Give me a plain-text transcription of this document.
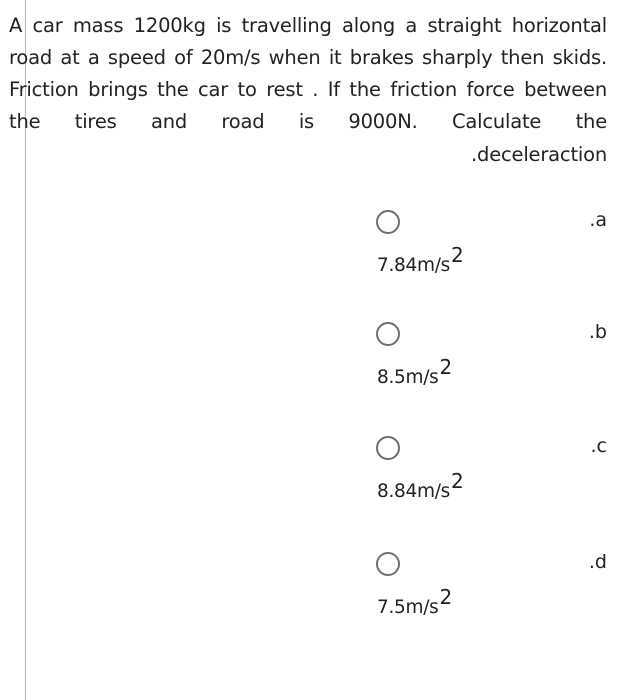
A car mass 1200kg is travelling along a straight horizontal road at a speed of 20m/s when it brakes sharply then skids. Friction brings the car to rest . If the friction force between the tires and road is 9000N. Calculate the
.deceleraction
.a
$7.84m/s^2$
.b
$8.5m/s^2$
.c
$8.84m/s^2$
.d
$7.5m/s^2$
